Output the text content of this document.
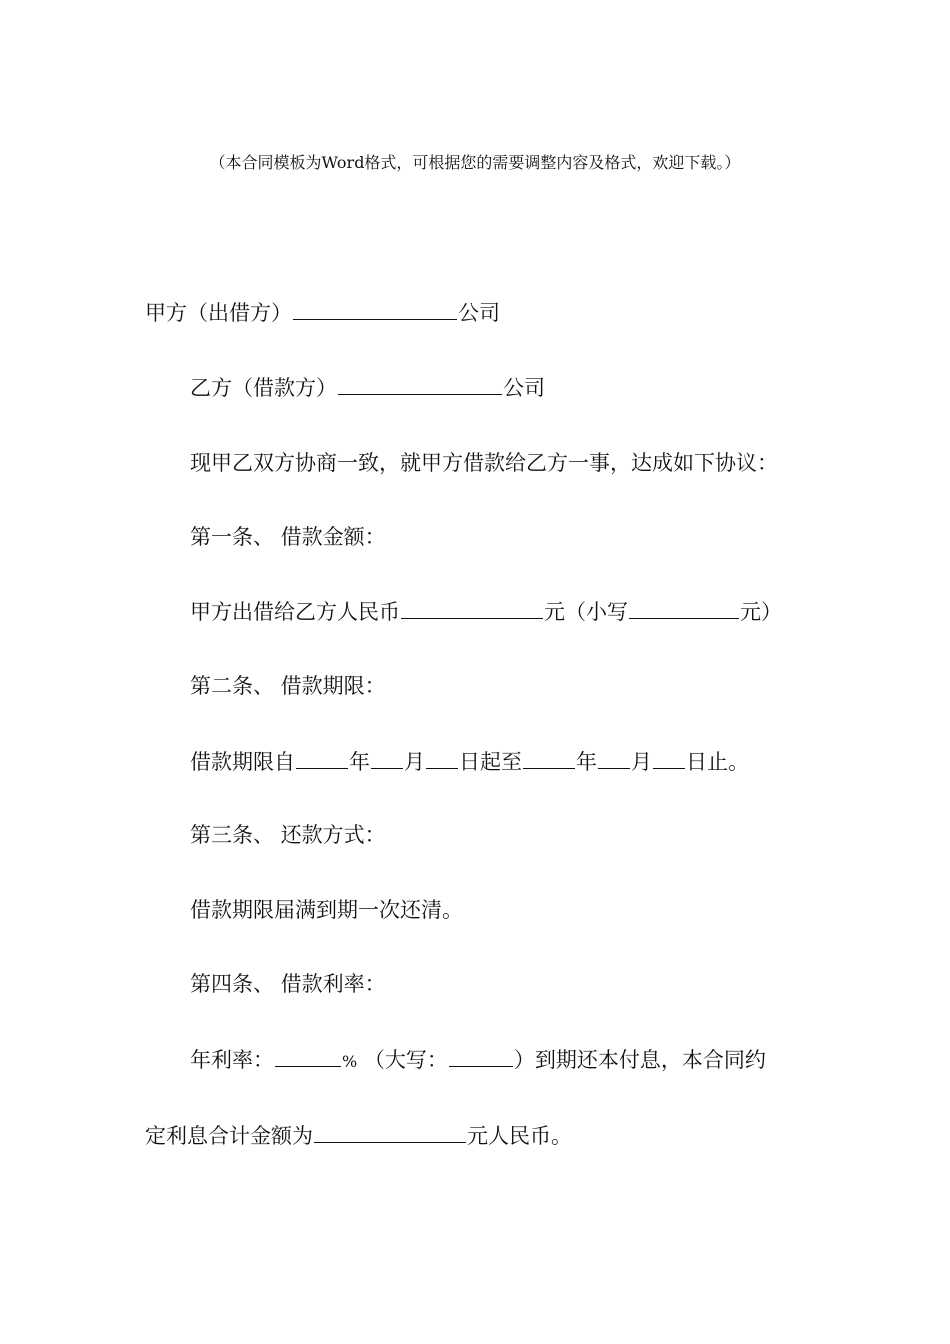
（本合同模板为Word格式，可根据您的需要调整内容及格式，欢迎下载。）
甲方（出借方）	公司
乙方（借款方）	公司
现甲乙双方协商一致，就甲方借款给乙方一事，达成如下协议：
第一条、 借款金额：
甲方出借给乙方人民币	元（小写	元）
第二条、 借款期限：
借款期限自	年 月 日起至	年 月 日止。
第三条、 还款方式：
借款期限届满到期一次还清。
第四条、 借款利率：
年利率：	% （大写：	）到期还本付息，本合同约
定利息合计金额为	元人民币。
